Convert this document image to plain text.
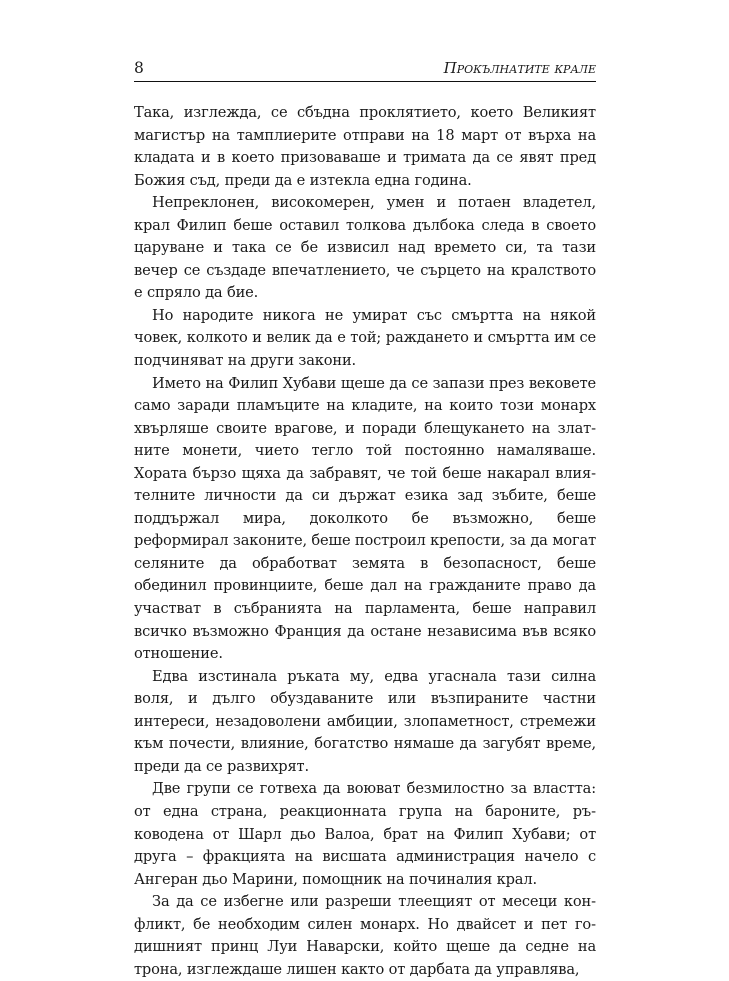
8	Прокълнатите крале

Така, изглежда, се сбъдна проклятието, което Великият магистър на тамплиерите отправи на 18 март от върха на кладата и в което призоваваше и тримата да се явят пред Божия съд, преди да е изтекла една година.

Непреклонен, високомерен, умен и потаен владетел, крал Филип беше оставил толкова дълбока следа в своето царуване и така се бе извисил над времето си, та тази вечер се създаде впечатлението, че сърцето на кралството е спряло да бие.

Но народите никога не умират със смъртта на някой човек, колкото и велик да е той; раждането и смъртта им се подчиняват на други закони.

Името на Филип Хубави щеше да се запази през вековете само заради пламъците на кладите, на които този монарх хвърляше своите врагове, и поради блещукането на златните монети, чието тегло той постоянно намаляваше. Хората бързо щяха да забравят, че той беше накарал влиятелните личности да си държат езика зад зъбите, беше поддържал мира, доколкото бе възможно, беше реформирал законите, беше построил крепости, за да могат селяните да обработват земята в безопасност, беше обединил провинциите, беше дал на гражданите право да участват в събранията на парламента, беше направил всичко възможно Франция да остане независима във всяко отношение.

Едва изстинала ръката му, едва угаснала тази силна воля, и дълго обуздаваните или възпираните частни интереси, незадоволени амбиции, злопаметност, стремежи към почести, влияние, богатство нямаше да загубят време, преди да се развихрят.

Две групи се готвеха да воюват безмилостно за властта: от една страна, реакционната група на бароните, ръководена от Шарл дьо Валоа, брат на Филип Хубави; от друга – фракцията на висшата администрация начело с Ангеран дьо Марини, помощник на починалия крал.

За да се избегне или разреши тлеещият от месеци конфликт, бе необходим силен монарх. Но двайсет и пет годишният принц Луи Наварски, който щеше да седне на трона, изглеждаше лишен както от дарбата да управлява,
